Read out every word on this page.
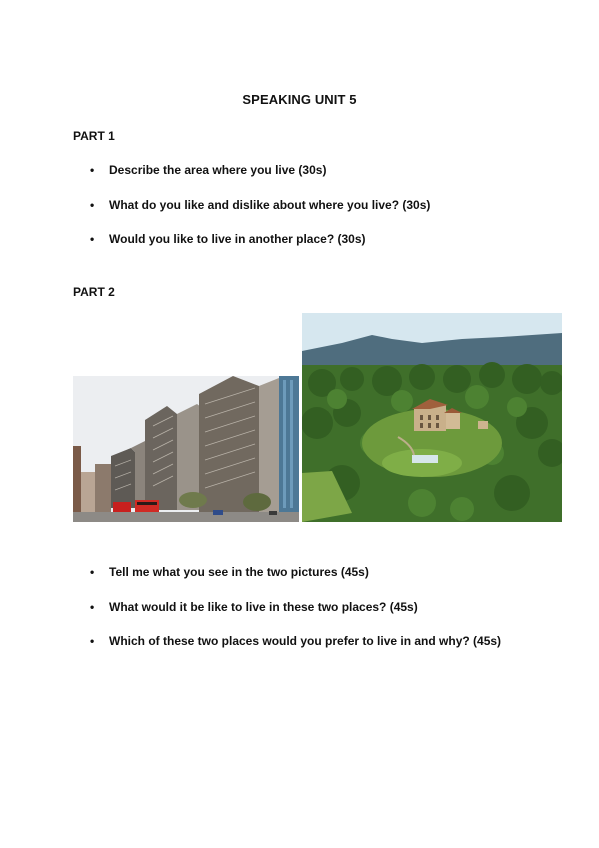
SPEAKING UNIT 5
PART 1
• Describe the area where you live (30s)
• What do you like and dislike about where you live? (30s)
• Would you like to live in another place? (30s)
PART 2
• Tell me what you see in the two pictures (45s)
• What would it be like to live in these two places? (45s)
• Which of these two places would you prefer to live in and why? (45s)
